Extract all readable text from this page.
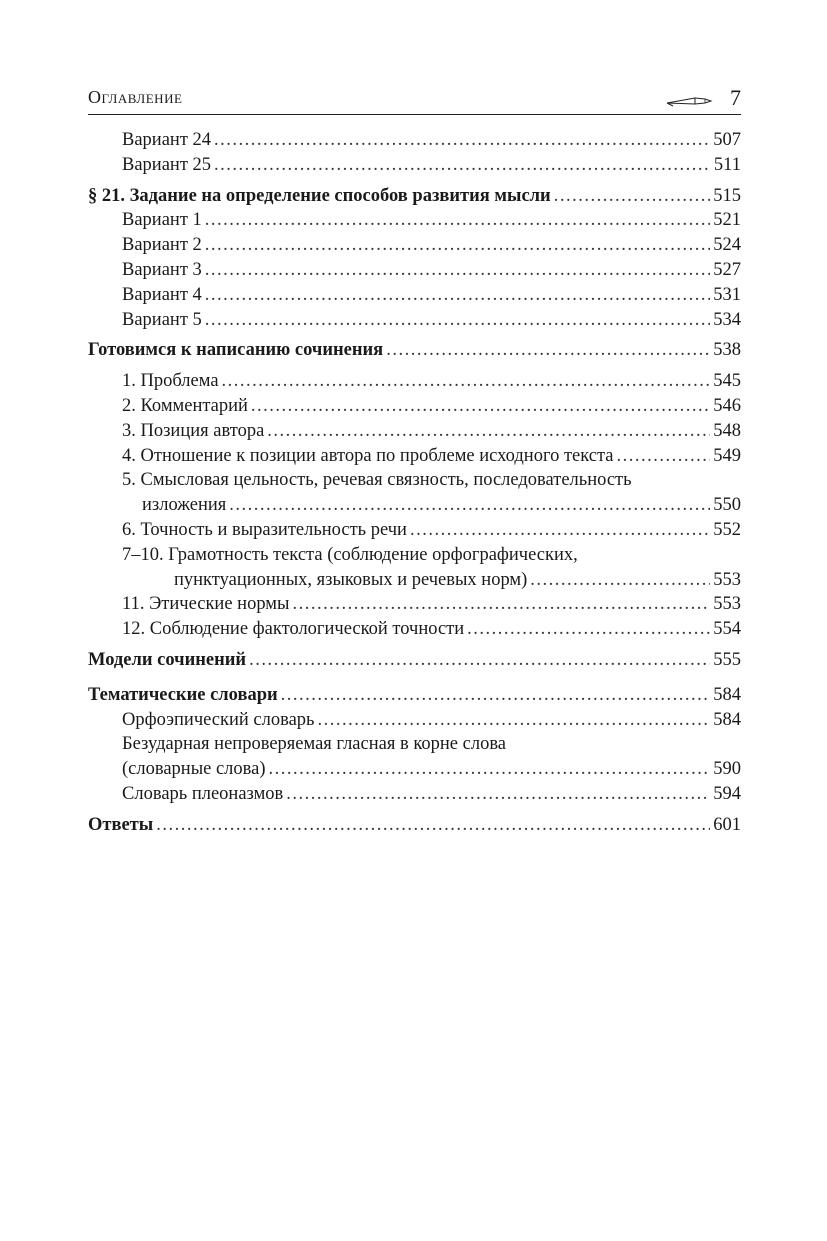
Оглавление	7
Вариант 24 .....	507
Вариант 25 .....	511
§ 21. Задание на определение способов развития мысли .....	515
Вариант 1 .....	521
Вариант 2 .....	524
Вариант 3 .....	527
Вариант 4 .....	531
Вариант 5 .....	534
Готовимся к написанию сочинения .....	538
1. Проблема .....	545
2. Комментарий .....	546
3. Позиция автора .....	548
4. Отношение к позиции автора по проблеме исходного текста .....	549
5. Смысловая цельность, речевая связность, последовательность
изложения .....	550
6. Точность и выразительность речи .....	552
7–10. Грамотность текста (соблюдение орфографических,
пунктуационных, языковых и речевых норм) .....	553
11. Этические нормы .....	553
12. Соблюдение фактологической точности .....	554
Модели сочинений .....	555
Тематические словари .....	584
Орфоэпический словарь .....	584
Безударная непроверяемая гласная в корне слова
(словарные слова) .....	590
Словарь плеоназмов .....	594
Ответы .....	601
